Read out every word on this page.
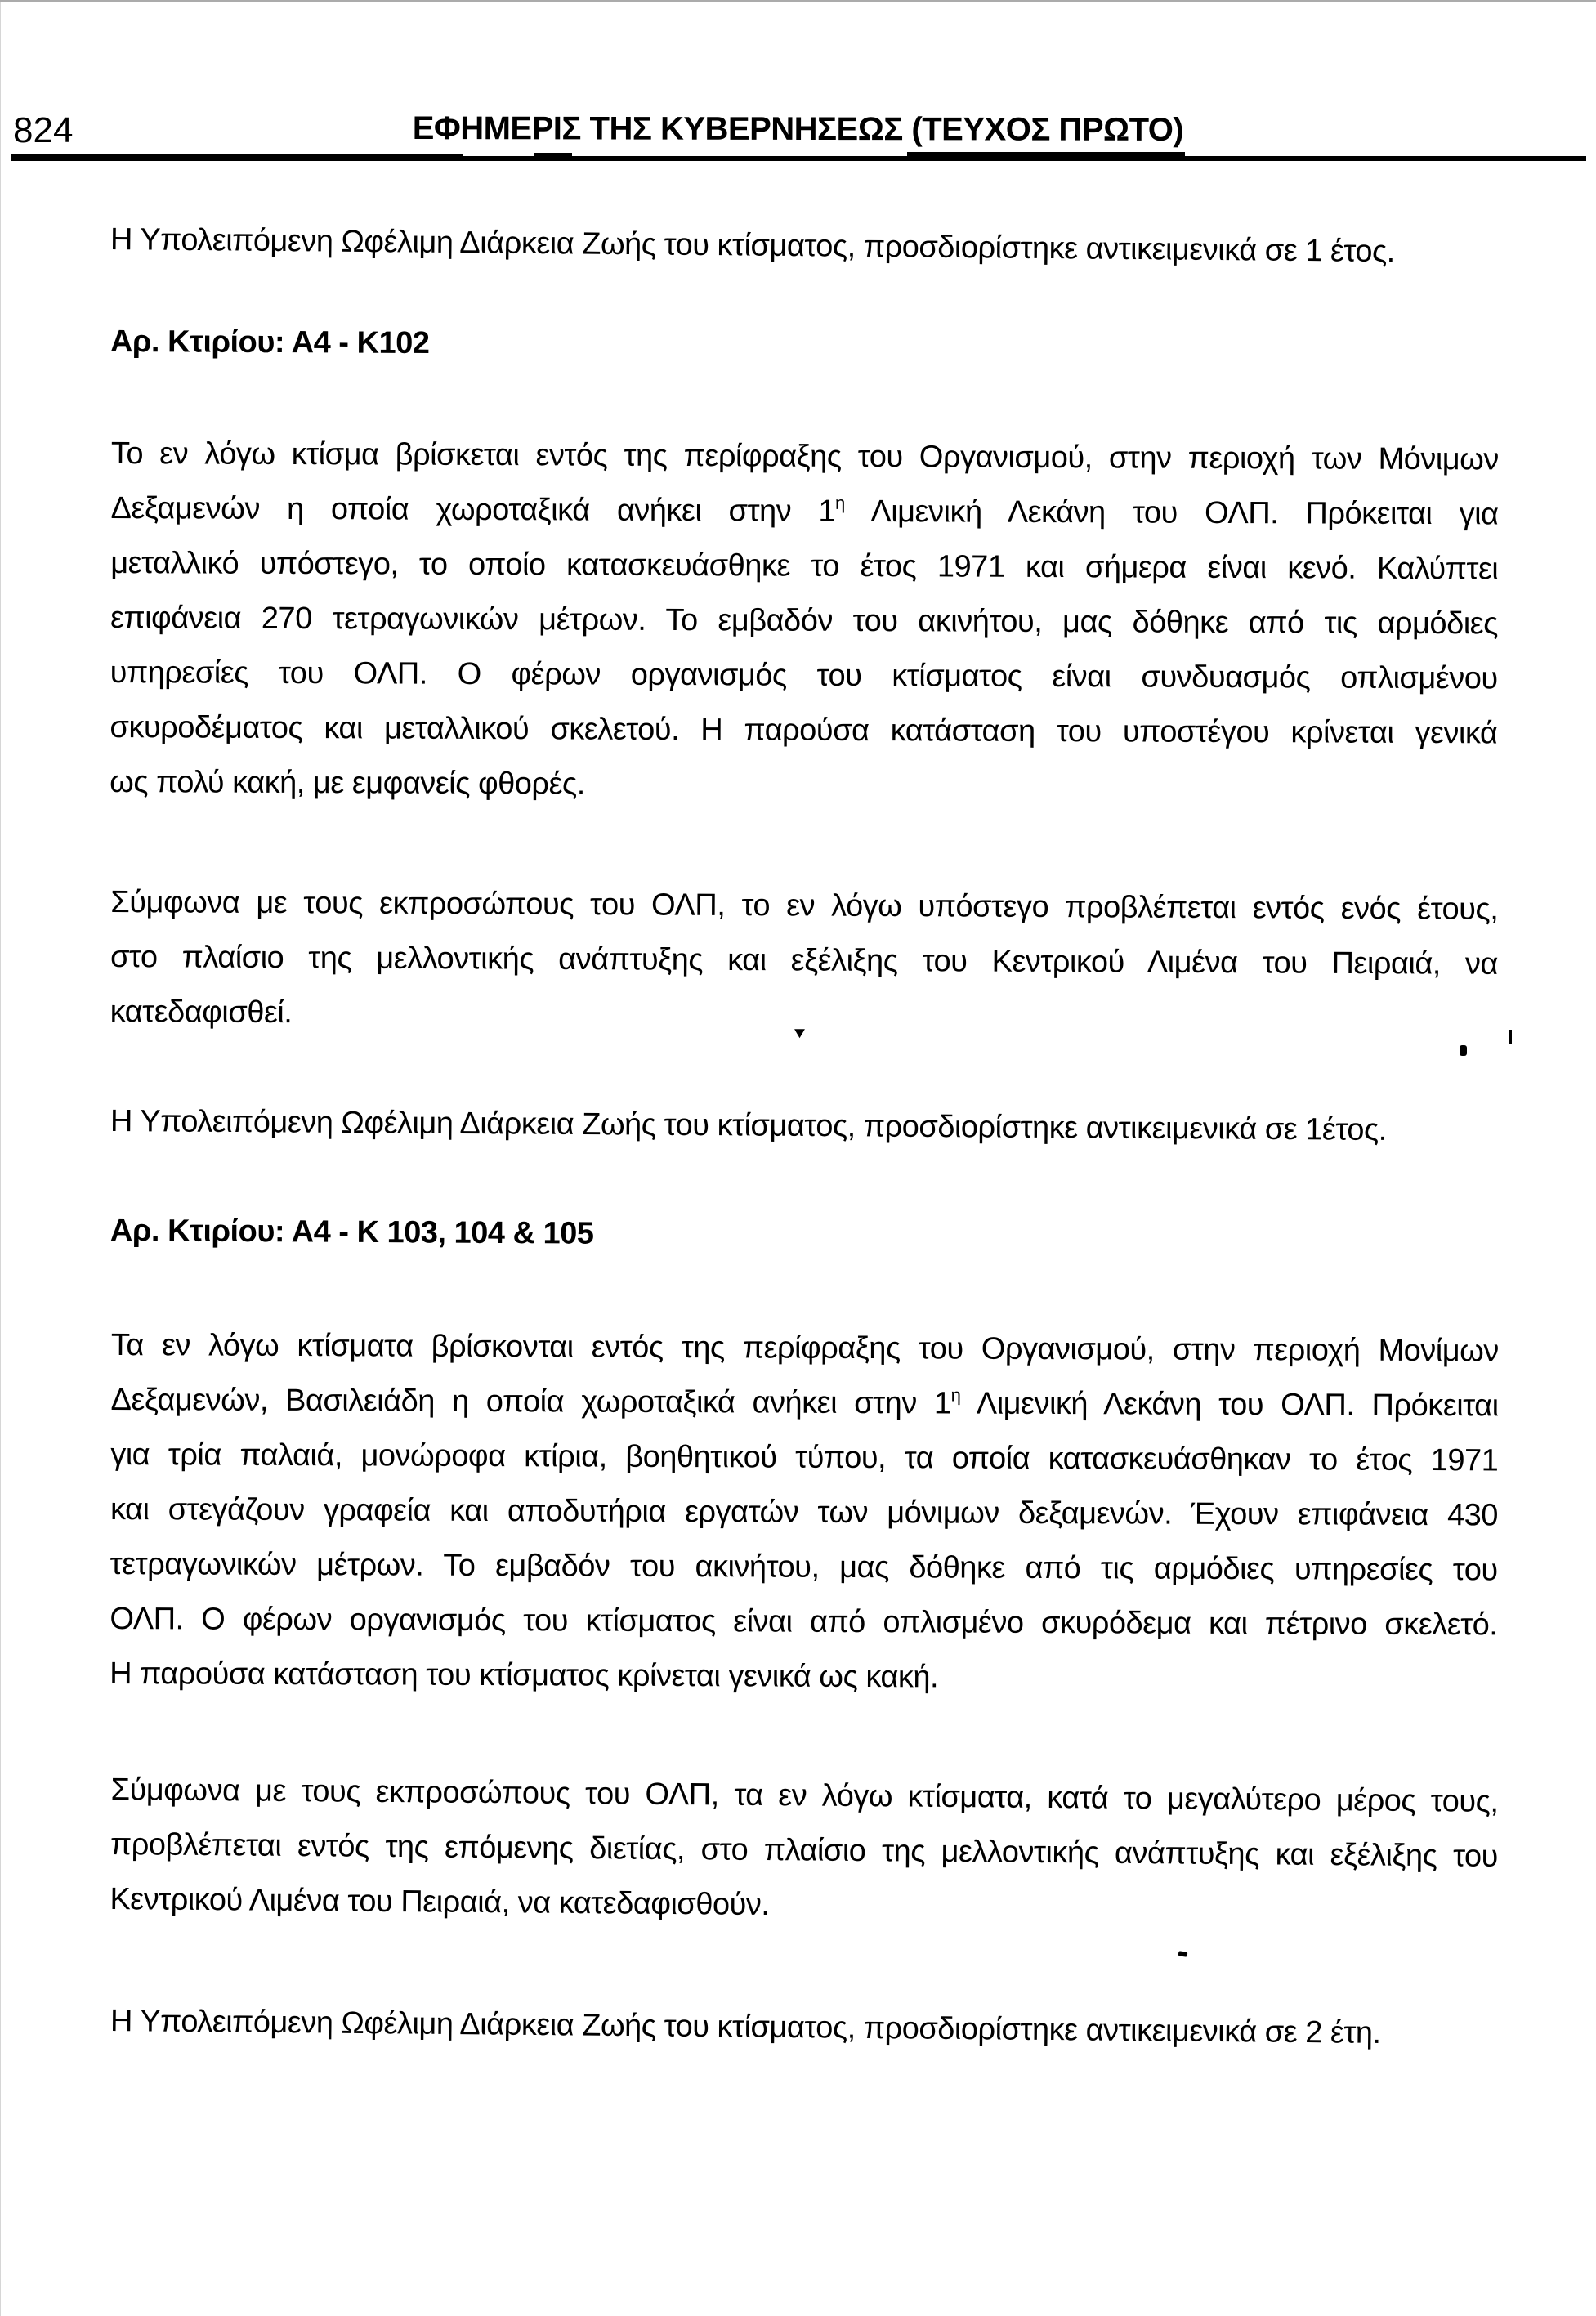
824	ΕΦΗΜΕΡΙΣ ΤΗΣ ΚΥΒΕΡΝΗΣΕΩΣ (ΤΕΥΧΟΣ ΠΡΩΤΟ)

Η Υπολειπόμενη Ωφέλιμη Διάρκεια Ζωής του κτίσματος, προσδιορίστηκε αντικειμενικά σε 1 έτος.

Αρ. Κτιρίου: Α4 - Κ102

Το εν λόγω κτίσμα βρίσκεται εντός της περίφραξης του Οργανισμού, στην περιοχή των Μόνιμων
Δεξαμενών η οποία χωροταξικά ανήκει στην $1^\eta$ Λιμενική Λεκάνη του ΟΛΠ. Πρόκειται για
μεταλλικό υπόστεγο, το οποίο κατασκευάσθηκε το έτος 1971 και σήμερα είναι κενό. Καλύπτει
επιφάνεια 270 τετραγωνικών μέτρων. Το εμβαδόν του ακινήτου, μας δόθηκε από τις αρμόδιες
υπηρεσίες του ΟΛΠ. Ο φέρων οργανισμός του κτίσματος είναι συνδυασμός οπλισμένου
σκυροδέματος και μεταλλικού σκελετού. Η παρούσα κατάσταση του υποστέγου κρίνεται γενικά
ως πολύ κακή, με εμφανείς φθορές.

Σύμφωνα με τους εκπροσώπους του ΟΛΠ, το εν λόγω υπόστεγο προβλέπεται εντός ενός έτους,
στο πλαίσιο της μελλοντικής ανάπτυξης και εξέλιξης του Κεντρικού Λιμένα του Πειραιά, να
κατεδαφισθεί.

Η Υπολειπόμενη Ωφέλιμη Διάρκεια Ζωής του κτίσματος, προσδιορίστηκε αντικειμενικά σε 1έτος.

Αρ. Κτιρίου: Α4 - Κ 103, 104 & 105

Τα εν λόγω κτίσματα βρίσκονται εντός της περίφραξης του Οργανισμού, στην περιοχή Μονίμων
Δεξαμενών, Βασιλειάδη η οποία χωροταξικά ανήκει στην $1^\eta$ Λιμενική Λεκάνη του ΟΛΠ. Πρόκειται
για τρία παλαιά, μονώροφα κτίρια, βοηθητικού τύπου, τα οποία κατασκευάσθηκαν το έτος 1971
και στεγάζουν γραφεία και αποδυτήρια εργατών των μόνιμων δεξαμενών. Έχουν επιφάνεια 430
τετραγωνικών μέτρων. Το εμβαδόν του ακινήτου, μας δόθηκε από τις αρμόδιες υπηρεσίες του
ΟΛΠ. Ο φέρων οργανισμός του κτίσματος είναι από οπλισμένο σκυρόδεμα και πέτρινο σκελετό.
Η παρούσα κατάσταση του κτίσματος κρίνεται γενικά ως κακή.

Σύμφωνα με τους εκπροσώπους του ΟΛΠ, τα εν λόγω κτίσματα, κατά το μεγαλύτερο μέρος τους,
προβλέπεται εντός της επόμενης διετίας, στο πλαίσιο της μελλοντικής ανάπτυξης και εξέλιξης του
Κεντρικού Λιμένα του Πειραιά, να κατεδαφισθούν.

Η Υπολειπόμενη Ωφέλιμη Διάρκεια Ζωής του κτίσματος, προσδιορίστηκε αντικειμενικά σε 2 έτη.

▾
